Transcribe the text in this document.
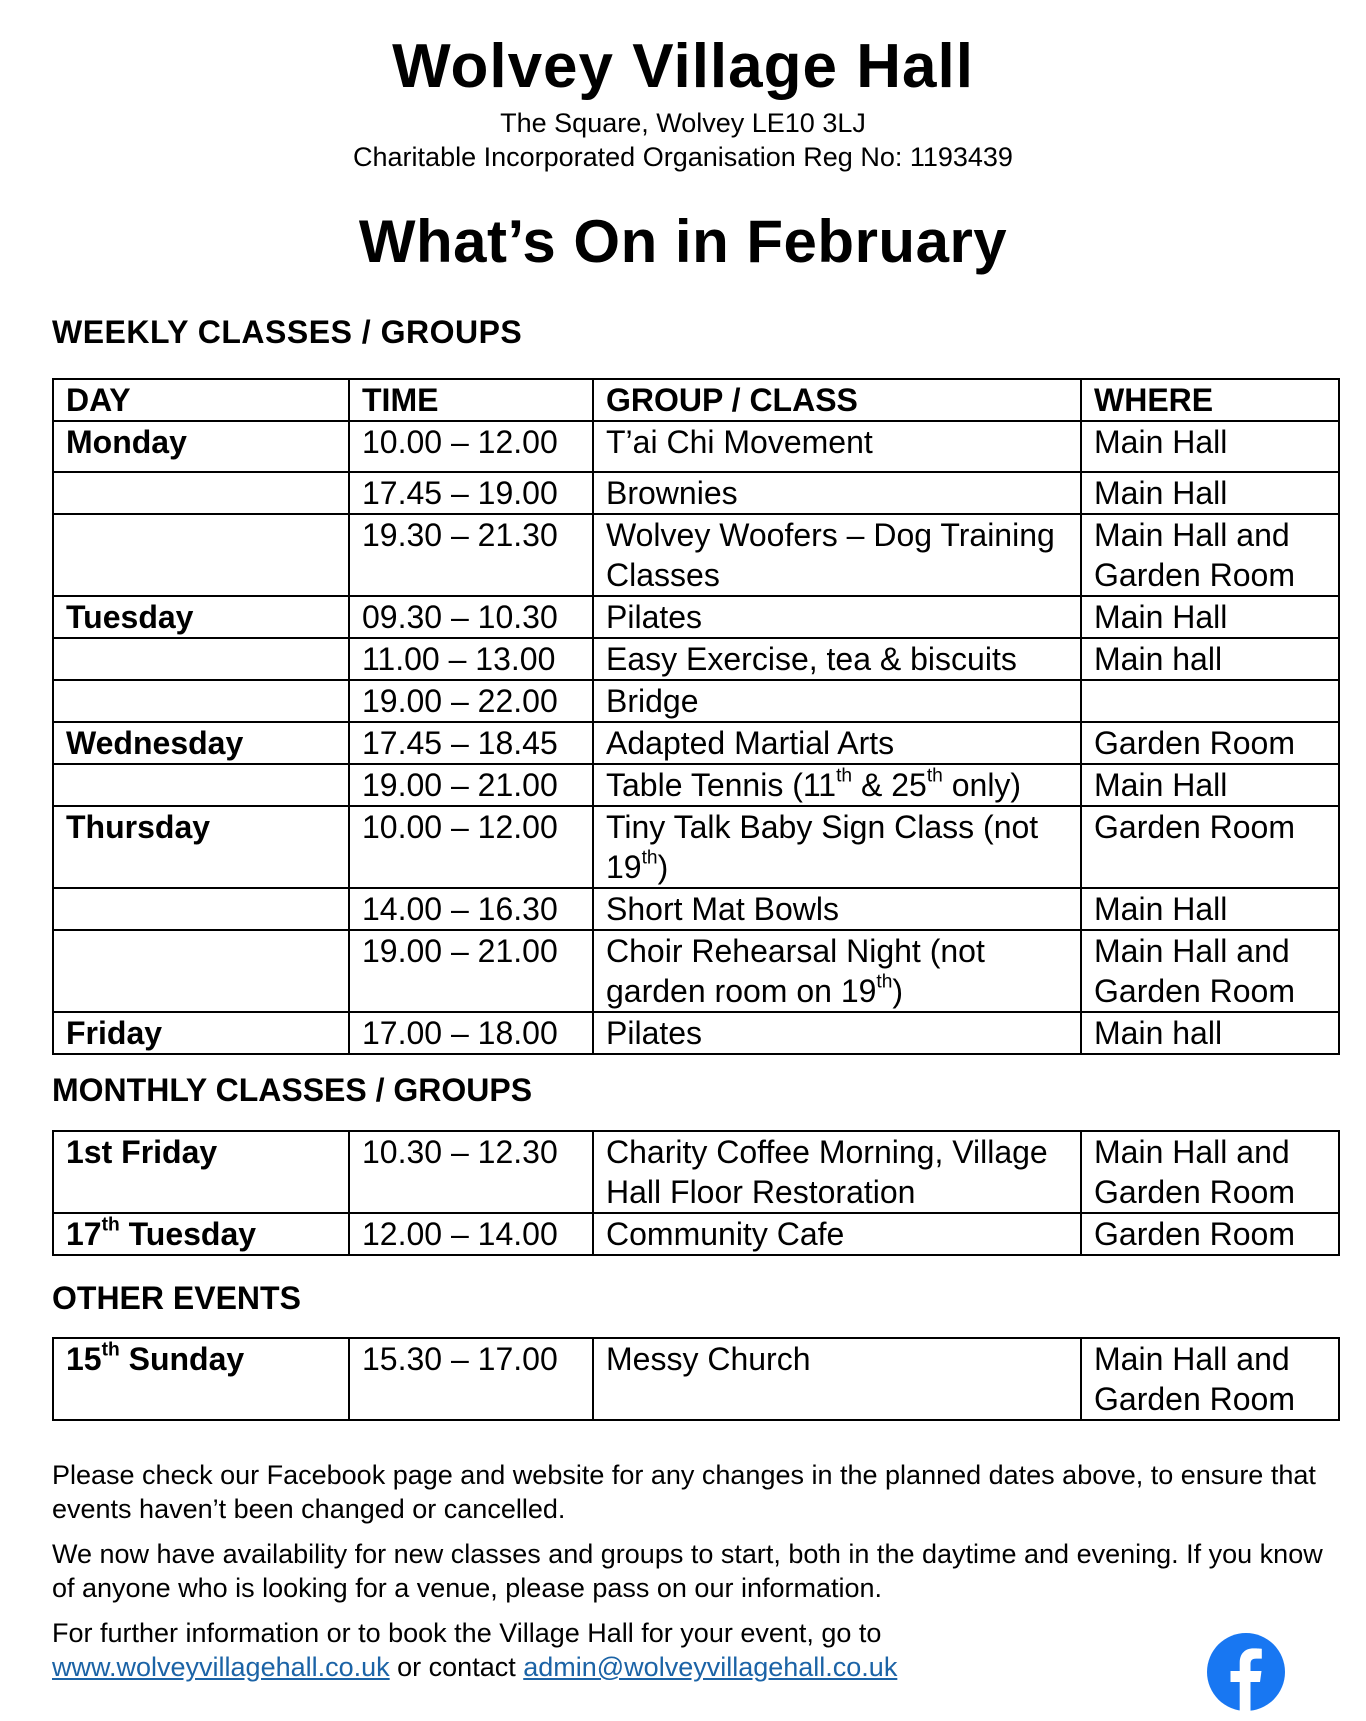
Wolvey Village Hall

The Square, Wolvey LE10 3LJ

Charitable Incorporated Organisation Reg No: 1193439

What’s On in February
WEEKLY CLASSES / GROUPS
DAY	TIME	GROUP / CLASS	WHERE
Monday	10.00 – 12.00	T’ai Chi Movement	Main Hall
	17.45 – 19.00	Brownies	Main Hall
	19.30 – 21.30	Wolvey Woofers – Dog Training Classes	Main Hall and Garden Room
Tuesday	09.30 – 10.30	Pilates	Main Hall
	11.00 – 13.00	Easy Exercise, tea & biscuits	Main hall
	19.00 – 22.00	Bridge	
Wednesday	17.45 – 18.45	Adapted Martial Arts	Garden Room
	19.00 – 21.00	Table Tennis (11th & 25th only)	Main Hall
Thursday	10.00 – 12.00	Tiny Talk Baby Sign Class (not 19th)	Garden Room
	14.00 – 16.30	Short Mat Bowls	Main Hall
	19.00 – 21.00	Choir Rehearsal Night (not garden room on 19th)	Main Hall and Garden Room
Friday	17.00 – 18.00	Pilates	Main hall
MONTHLY CLASSES / GROUPS
1st Friday	10.30 – 12.30	Charity Coffee Morning, Village Hall Floor Restoration	Main Hall and Garden Room
17th Tuesday	12.00 – 14.00	Community Cafe	Garden Room
OTHER EVENTS
15th Sunday	15.30 – 17.00	Messy Church	Main Hall and Garden Room

Please check our Facebook page and website for any changes in the planned dates above, to ensure that events haven’t been changed or cancelled.

We now have availability for new classes and groups to start, both in the daytime and evening. If you know of anyone who is looking for a venue, please pass on our information.

For further information or to book the Village Hall for your event, go to
www.wolveyvillagehall.co.uk or contact admin@wolveyvillagehall.co.uk
